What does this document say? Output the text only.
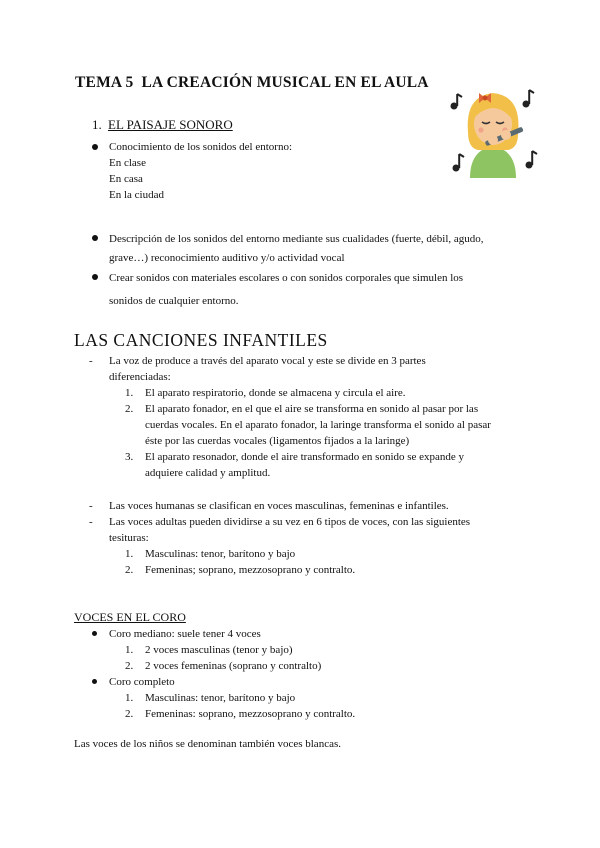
TEMA 5 LA CREACIÓN MUSICAL EN EL AULA
1. EL PAISAJE SONORO
Conocimiento de los sonidos del entorno:
En clase
En casa
En la ciudad
Descripción de los sonidos del entorno mediante sus cualidades (fuerte, débil, agudo,
grave…) reconocimiento auditivo y/o actividad vocal
Crear sonidos con materiales escolares o con sonidos corporales que simulen los
sonidos de cualquier entorno.
LAS CANCIONES INFANTILES
- La voz de produce a través del aparato vocal y este se divide en 3 partes
diferenciadas:
1. El aparato respiratorio, donde se almacena y circula el aire.
2. El aparato fonador, en el que el aire se transforma en sonido al pasar por las
cuerdas vocales. En el aparato fonador, la laringe transforma el sonido al pasar
éste por las cuerdas vocales (ligamentos fijados a la laringe)
3. El aparato resonador, donde el aire transformado en sonido se expande y
adquiere calidad y amplitud.
- Las voces humanas se clasifican en voces masculinas, femeninas e infantiles.
- Las voces adultas pueden dividirse a su vez en 6 tipos de voces, con las siguientes
tesituras:
1. Masculinas: tenor, barítono y bajo
2. Femeninas; soprano, mezzosoprano y contralto.
VOCES EN EL CORO
Coro mediano: suele tener 4 voces
1. 2 voces masculinas (tenor y bajo)
2. 2 voces femeninas (soprano y contralto)
Coro completo
1. Masculinas: tenor, barítono y bajo
2. Femeninas: soprano, mezzosoprano y contralto.
Las voces de los niños se denominan también voces blancas.
